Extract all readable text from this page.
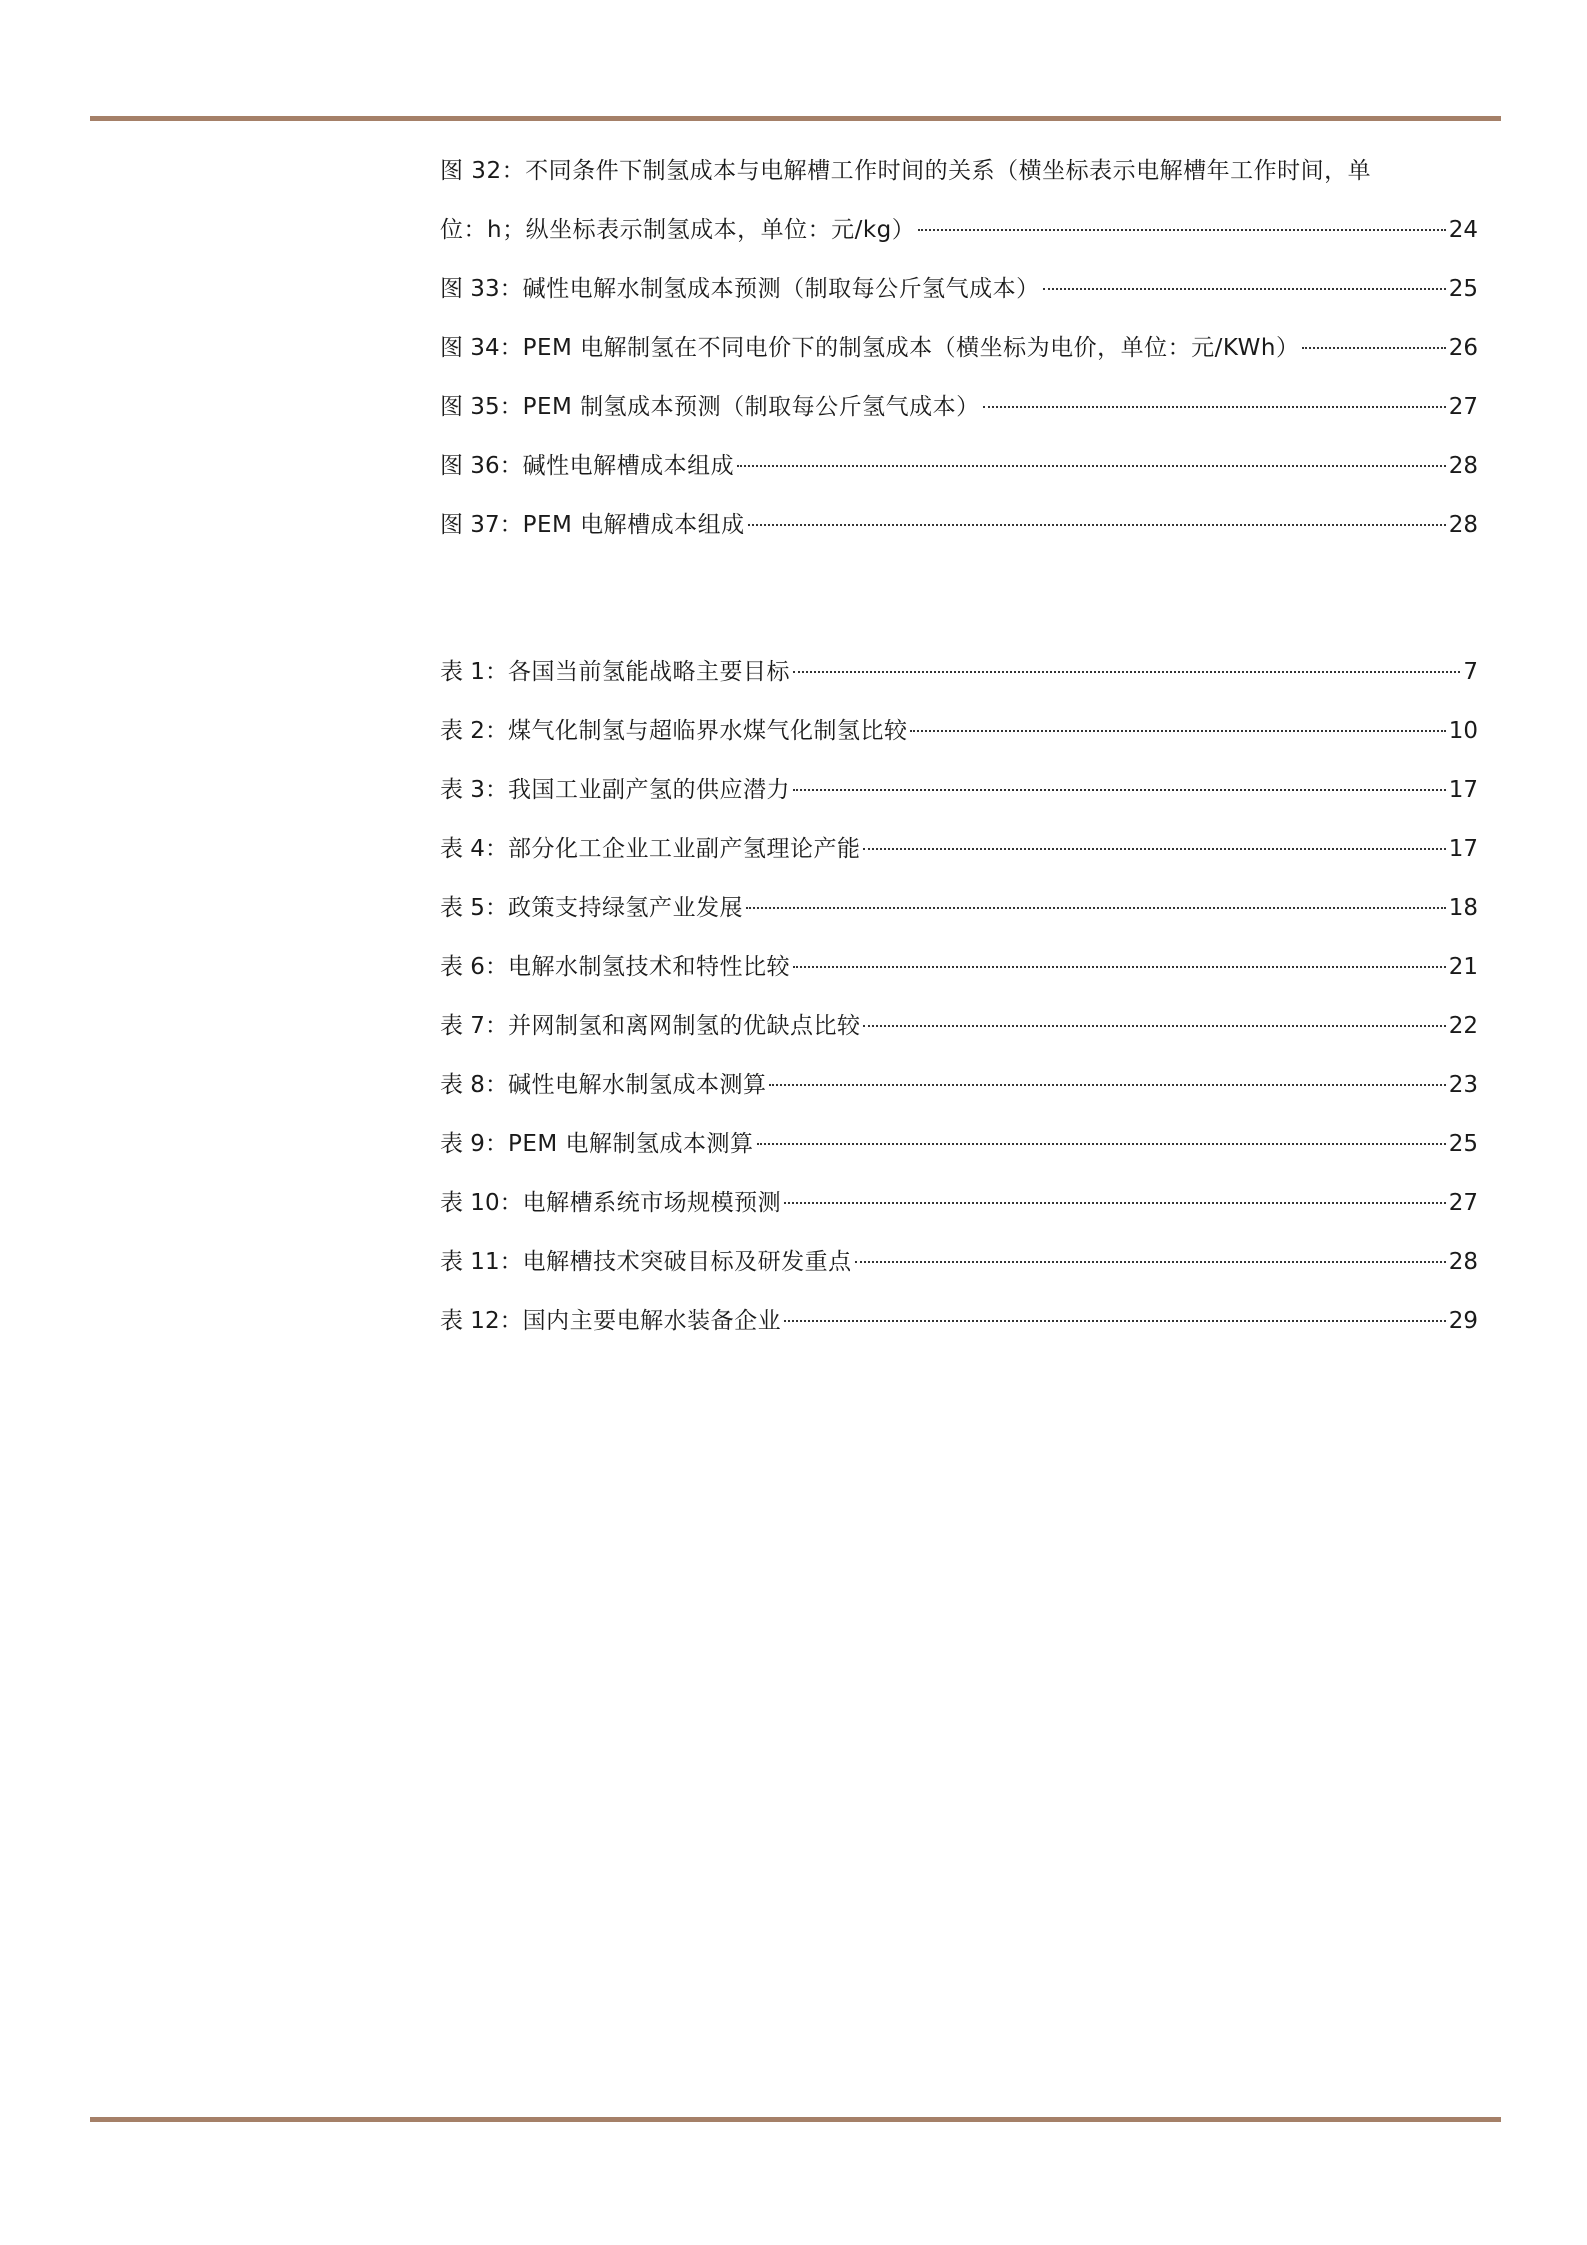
图 32：不同条件下制氢成本与电解槽工作时间的关系（横坐标表示电解槽年工作时间，单
位：h；纵坐标表示制氢成本，单位：元/kg）	24
图 33： 碱性电解水制氢成本预测（制取每公斤氢气成本）	25
图 34： PEM 电解制氢在不同电价下的制氢成本（横坐标为电价，单位：元/KWh）	26
图 35： PEM 制氢成本预测（制取每公斤氢气成本）	27
图 36： 碱性电解槽成本组成	28
图 37： PEM 电解槽成本组成	28
表 1： 各国当前氢能战略主要目标	7
表 2： 煤气化制氢与超临界水煤气化制氢比较	10
表 3： 我国工业副产氢的供应潜力	17
表 4： 部分化工企业工业副产氢理论产能	17
表 5： 政策支持绿氢产业发展	18
表 6： 电解水制氢技术和特性比较	21
表 7： 并网制氢和离网制氢的优缺点比较	22
表 8： 碱性电解水制氢成本测算	23
表 9： PEM 电解制氢成本测算	25
表 10： 电解槽系统市场规模预测	27
表 11： 电解槽技术突破目标及研发重点	28
表 12： 国内主要电解水装备企业	29
